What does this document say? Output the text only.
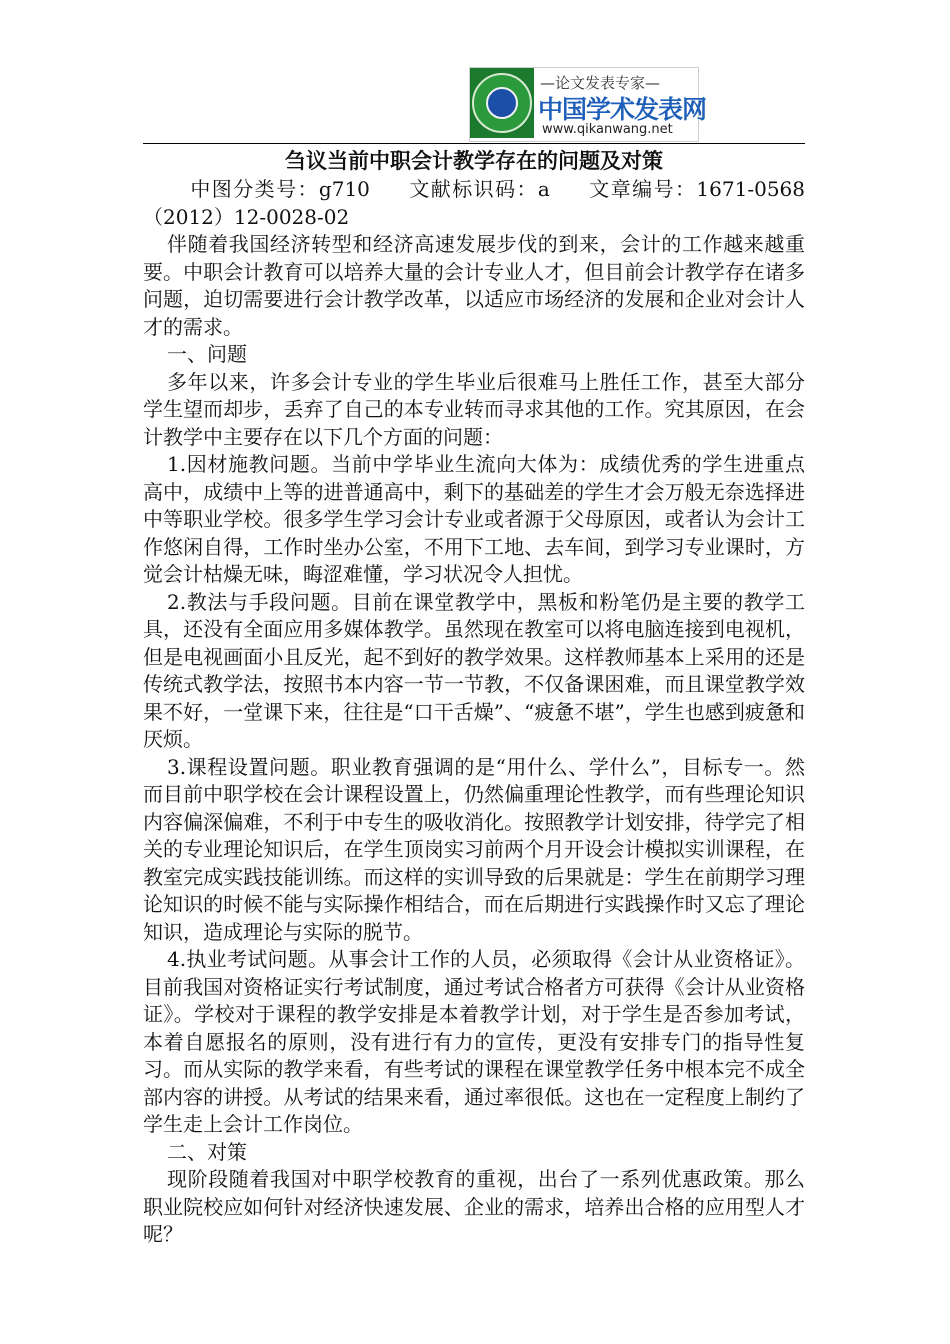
—论文发表专家—
中国学术发表网
www.qikanwang.net
刍议当前中职会计教学存在的问题及对策

中图分类号：g710 文献标识码：a 文章编号：1671-0568（2012）12-0028-02

伴随着我国经济转型和经济高速发展步伐的到来，会计的工作越来越重要。中职会计教育可以培养大量的会计专业人才，但目前会计教学存在诸多问题，迫切需要进行会计教学改革，以适应市场经济的发展和企业对会计人才的需求。

一、问题

多年以来，许多会计专业的学生毕业后很难马上胜任工作，甚至大部分学生望而却步，丢弃了自己的本专业转而寻求其他的工作。究其原因，在会计教学中主要存在以下几个方面的问题：

1.因材施教问题。当前中学毕业生流向大体为：成绩优秀的学生进重点高中，成绩中上等的进普通高中，剩下的基础差的学生才会万般无奈选择进中等职业学校。很多学生学习会计专业或者源于父母原因，或者认为会计工作悠闲自得，工作时坐办公室，不用下工地、去车间，到学习专业课时，方觉会计枯燥无味，晦涩难懂，学习状况令人担忧。

2.教法与手段问题。目前在课堂教学中，黑板和粉笔仍是主要的教学工具，还没有全面应用多媒体教学。虽然现在教室可以将电脑连接到电视机，但是电视画面小且反光，起不到好的教学效果。这样教师基本上采用的还是传统式教学法，按照书本内容一节一节教，不仅备课困难，而且课堂教学效果不好，一堂课下来，往往是“口干舌燥”、“疲惫不堪”，学生也感到疲惫和厌烦。

3.课程设置问题。职业教育强调的是“用什么、学什么”，目标专一。然而目前中职学校在会计课程设置上，仍然偏重理论性教学，而有些理论知识内容偏深偏难，不利于中专生的吸收消化。按照教学计划安排，待学完了相关的专业理论知识后，在学生顶岗实习前两个月开设会计模拟实训课程，在教室完成实践技能训练。而这样的实训导致的后果就是：学生在前期学习理论知识的时候不能与实际操作相结合，而在后期进行实践操作时又忘了理论知识，造成理论与实际的脱节。

4.执业考试问题。从事会计工作的人员，必须取得《会计从业资格证》。目前我国对资格证实行考试制度，通过考试合格者方可获得《会计从业资格证》。学校对于课程的教学安排是本着教学计划，对于学生是否参加考试，本着自愿报名的原则，没有进行有力的宣传，更没有安排专门的指导性复习。而从实际的教学来看，有些考试的课程在课堂教学任务中根本完不成全部内容的讲授。从考试的结果来看，通过率很低。这也在一定程度上制约了学生走上会计工作岗位。

二、对策

现阶段随着我国对中职学校教育的重视，出台了一系列优惠政策。那么职业院校应如何针对经济快速发展、企业的需求，培养出合格的应用型人才呢？
